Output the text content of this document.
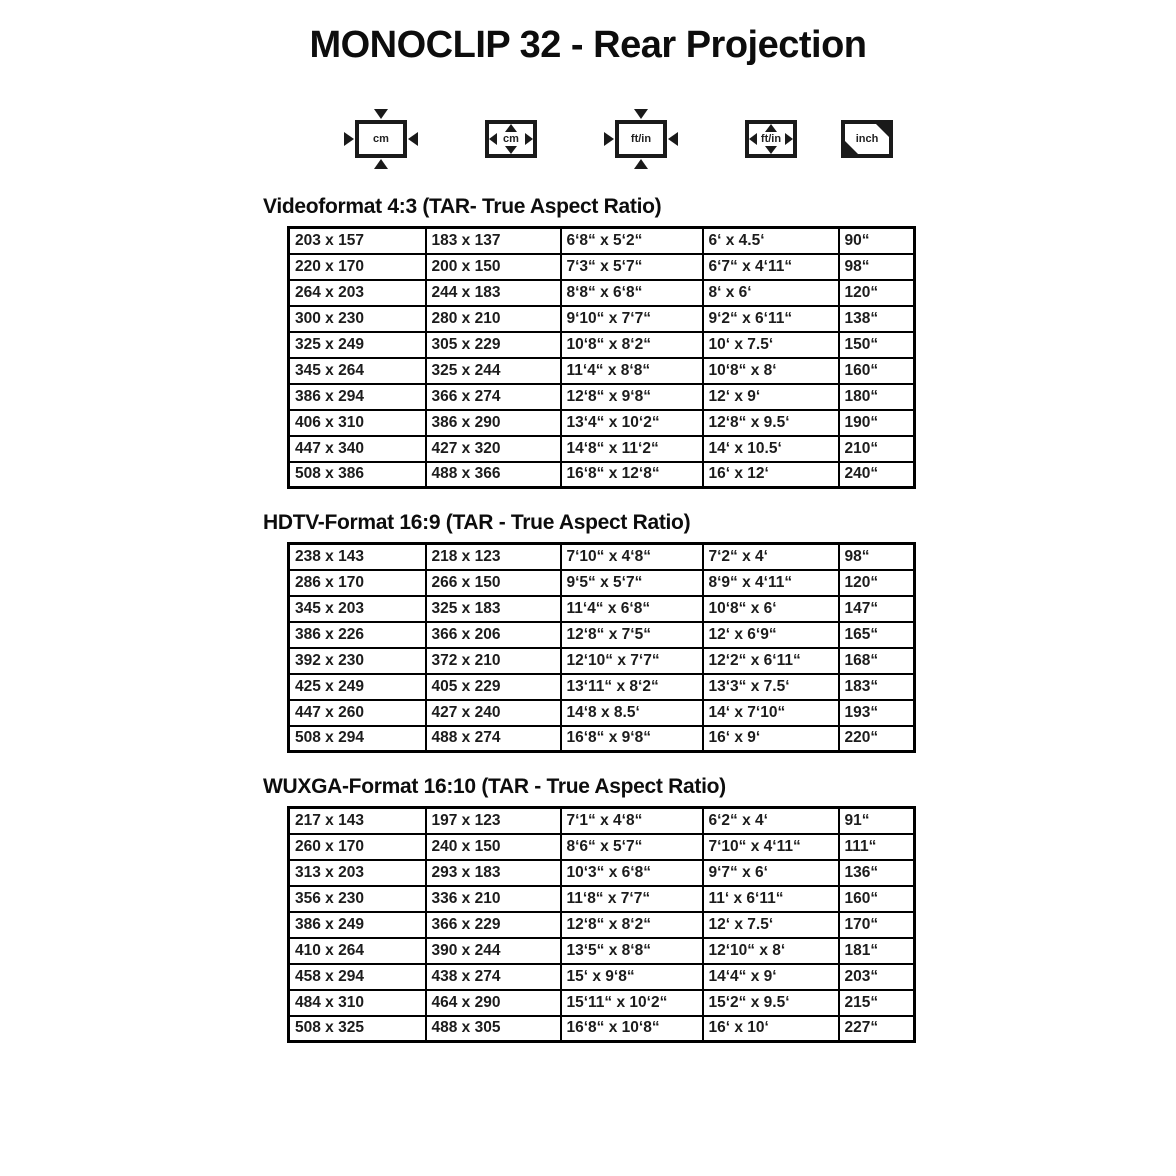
MONOCLIP 32 - Rear Projection
cm	cm	ft/in	ft/in	inch
Videoformat 4:3 (TAR- True Aspect Ratio)
203 x 157	183 x 137	6‘8“ x 5‘2“	6‘ x 4.5‘	90“
220 x 170	200 x 150	7‘3“ x 5‘7“	6‘7“ x 4‘11“	98“
264 x 203	244 x 183	8‘8“ x 6‘8“	8‘ x 6‘	120“
300 x 230	280 x 210	9‘10“ x 7‘7“	9‘2“ x 6‘11“	138“
325 x 249	305 x 229	10‘8“ x 8‘2“	10‘ x 7.5‘	150“
345 x 264	325 x 244	11‘4“ x 8‘8“	10‘8“ x 8‘	160“
386 x 294	366 x 274	12‘8“ x 9‘8“	12‘ x 9‘	180“
406 x 310	386 x 290	13‘4“ x 10‘2“	12‘8“ x 9.5‘	190“
447 x 340	427 x 320	14‘8“ x 11‘2“	14‘ x 10.5‘	210“
508 x 386	488 x 366	16‘8“ x 12‘8“	16‘ x 12‘	240“
HDTV-Format 16:9 (TAR - True Aspect Ratio)
238 x 143	218 x 123	7‘10“ x 4‘8“	7‘2“ x 4‘	98“
286 x 170	266 x 150	9‘5“ x 5‘7“	8‘9“ x 4‘11“	120“
345 x 203	325 x 183	11‘4“ x 6‘8“	10‘8“ x 6‘	147“
386 x 226	366 x 206	12‘8“ x 7‘5“	12‘ x 6‘9“	165“
392 x 230	372 x 210	12‘10“ x 7‘7“	12‘2“ x 6‘11“	168“
425 x 249	405 x 229	13‘11“ x 8‘2“	13‘3“ x 7.5‘	183“
447 x 260	427 x 240	14‘8 x 8.5‘	14‘ x 7‘10“	193“
508 x 294	488 x 274	16‘8“ x 9‘8“	16‘ x 9‘	220“
WUXGA-Format 16:10 (TAR - True Aspect Ratio)
217 x 143	197 x 123	7‘1“ x 4‘8“	6‘2“ x 4‘	91“
260 x 170	240 x 150	8‘6“ x 5‘7“	7‘10“ x 4‘11“	111“
313 x 203	293 x 183	10‘3“ x 6‘8“	9‘7“ x 6‘	136“
356 x 230	336 x 210	11‘8“ x 7‘7“	11‘ x 6‘11“	160“
386 x 249	366 x 229	12‘8“ x 8‘2“	12‘ x 7.5‘	170“
410 x 264	390 x 244	13‘5“ x 8‘8“	12‘10“ x 8‘	181“
458 x 294	438 x 274	15‘ x 9‘8“	14‘4“ x 9‘	203“
484 x 310	464 x 290	15‘11“ x 10‘2“	15‘2“ x 9.5‘	215“
508 x 325	488 x 305	16‘8“ x 10‘8“	16‘ x 10‘	227“
